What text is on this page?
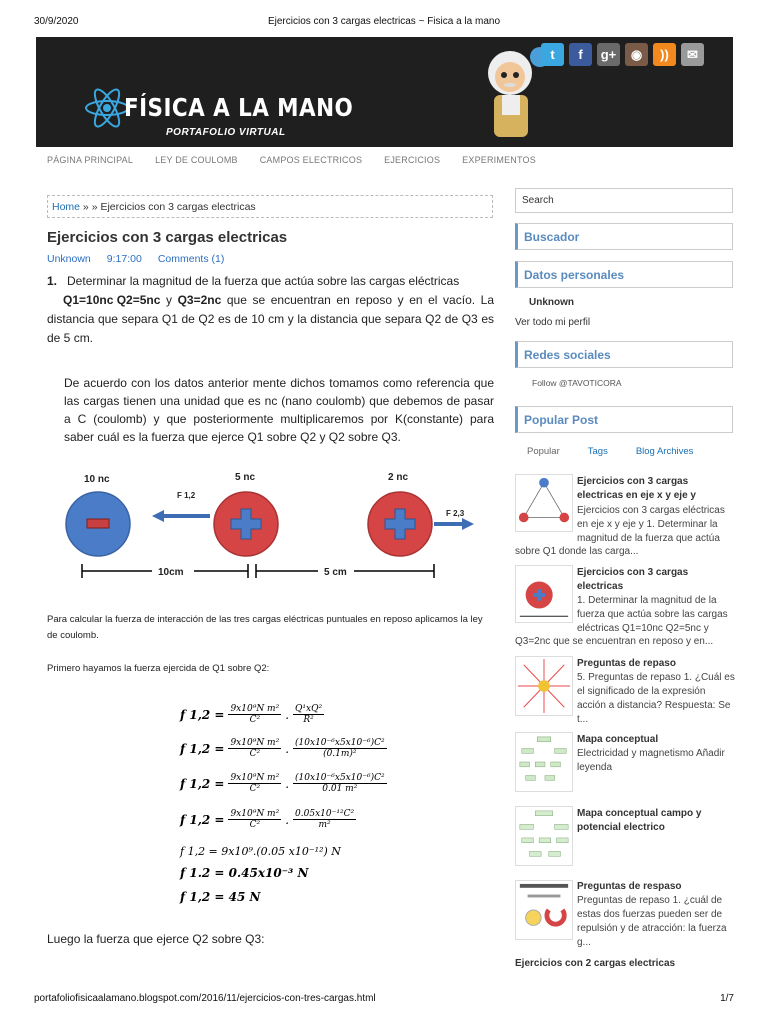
30/9/2020	Ejercicios con 3 cargas electricas ~ Fisica a la mano
portafoliofisicaalamano.blogspot.com/2016/11/ejercicios-con-tres-cargas.html	1/7
FÍSICA A LA MANO
PORTAFOLIO VIRTUAL
t f g+ ◉ )) ✉
PÁGINA PRINCIPAL LEY DE COULOMB CAMPOS ELECTRICOS EJERCICIOS EXPERIMENTOS
Home » » Ejercicios con 3 cargas electricas
Ejercicios con 3 cargas electricas
Unknown 9:17:00 Comments (1)
1. Determinar la magnitud de la fuerza que actúa sobre las cargas eléctricas
Q1=10nc Q2=5nc y Q3=2nc que se encuentran en reposo y en el vacío. La distancia que separa Q1 de Q2 es de 10 cm y la distancia que separa Q2 de Q3 es de 5 cm.

De acuerdo con los datos anterior mente dichos tomamos como referencia que las cargas tienen una unidad que es nc (nano coulomb) que debemos de pasar a C (coulomb) y que posteriormente multiplicaremos por K(constante) para saber cuál es la fuerza que ejerce Q1 sobre Q2 y Q2 sobre Q3.

10 nc	5 nc	2 nc
F 1,2
F 2,3
10cm	5 cm

Para calcular la fuerza de interacción de las tres cargas eléctricas puntuales en reposo aplicamos la ley de coulomb.

Primero hayamos la fuerza ejercida de Q1 sobre Q2:

f $1,2 = \frac{\text{9x10⁹N m²}}{\text{C²}}$ . $\frac{\text{Q¹xQ²}}{\text{R²}}$
f $1,2 = \frac{\text{9x10⁹N m²}}{\text{C²}}$ . $\frac{\text{(10x10⁻⁶x5x10⁻⁶)C²}}{\text{(0.1m)²}}$
f $1,2 = \frac{\text{9x10⁹N m²}}{\text{C²}}$ . $\frac{\text{(10x10⁻⁶x5x10⁻⁶)C²}}{\text{0.01 m²}}$
f $1,2 = \frac{\text{9x10⁹N m²}}{\text{C²}}$ . $\frac{\text{0.05x10⁻¹²C²}}{\text{m²}}$
f 1,2 = 9x10⁹.(0.05 x10⁻¹²) N
f 1.2 = 0.45x10⁻³ N
f 1,2 = 45 N

Luego la fuerza que ejerce Q2 sobre Q3:

Search
Buscador
Datos personales
Unknown
Ver todo mi perfil
Redes sociales
Follow @TAVOTICORA
Popular Post
Popular	Tags	Blog Archives
Ejercicios con 3 cargas electricas en eje x y eje y
Ejercicios con 3 cargas eléctricas en eje x y eje y 1. Determinar la magnitud de la fuerza que actúa
sobre Q1 donde las carga...
Ejercicios con 3 cargas electricas
1. Determinar la magnitud de la fuerza que actúa sobre las cargas eléctricas Q1=10nc Q2=5nc y
Q3=2nc que se encuentran en reposo y en...
Preguntas de repaso
5. Preguntas de repaso 1. ¿Cuál es el significado de la expresión acción a distancia? Respuesta: Se t...
Mapa conceptual
Electricidad y magnetismo Añadir leyenda
Mapa conceptual campo y potencial electrico
Preguntas de respaso
Preguntas de repaso 1. ¿cuál de estas dos fuerzas pueden ser de repulsión y de atracción: la fuerza g...
Ejercicios con 2 cargas electricas
